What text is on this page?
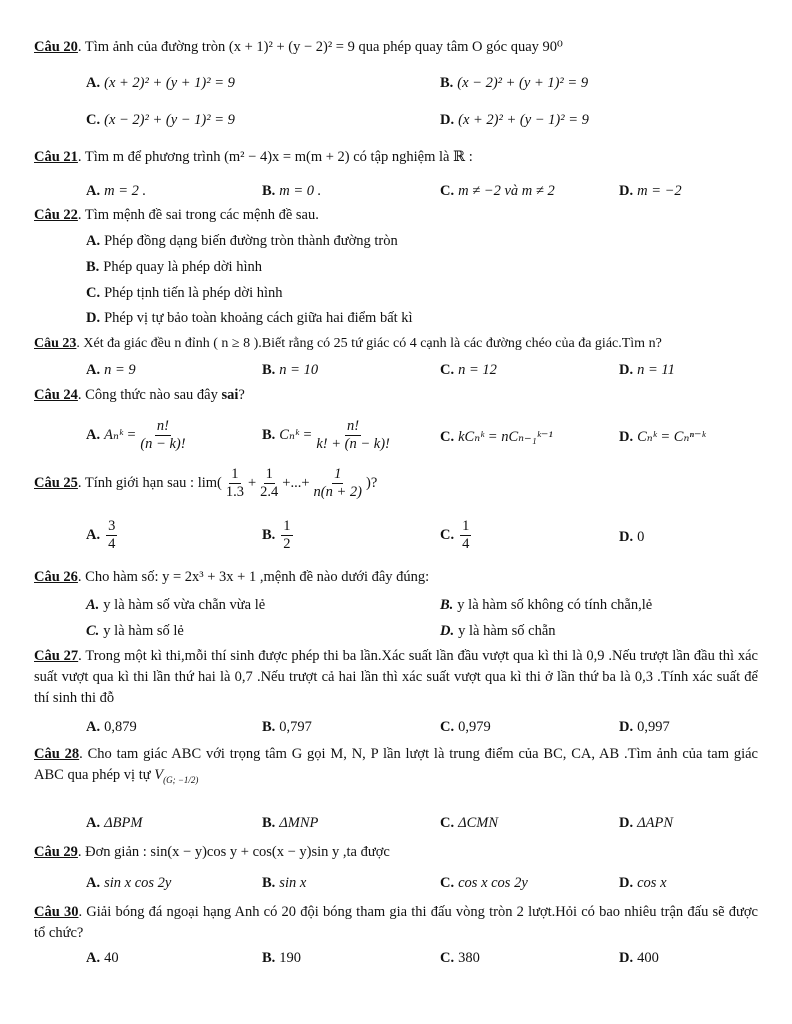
Câu 20. Tìm ảnh của đường tròn (x + 1)² + (y − 2)² = 9 qua phép quay tâm O góc quay 90⁰
A. (x + 2)² + (y + 1)² = 9	B. (x − 2)² + (y + 1)² = 9
C. (x − 2)² + (y − 1)² = 9	D. (x + 2)² + (y − 1)² = 9
Câu 21. Tìm m để phương trình (m² − 4)x = m(m + 2) có tập nghiệm là ℝ :
A. m = 2 .	B. m = 0 .	C. m ≠ −2 và m ≠ 2	D. m = −2
Câu 22. Tìm mệnh đề sai trong các mệnh đề sau.
A. Phép đồng dạng biến đường tròn thành đường tròn
B. Phép quay là phép dời hình
C. Phép tịnh tiến là phép dời hình
D. Phép vị tự bảo toàn khoảng cách giữa hai điểm bất kì
Câu 23. Xét đa giác đều n đỉnh ( n ≥ 8 ).Biết rằng có 25 tứ giác có 4 cạnh là các đường chéo của đa giác.Tìm n?
A. n = 9	B. n = 10	C. n = 12	D. n = 11
Câu 24. Công thức nào sau đây sai?
A. Aₙᵏ = $\frac{n!}{(n - k)!}$	B. Cₙᵏ = $\frac{n!}{k! + (n - k)!}$	C. kCₙᵏ = nCₙ₋₁ᵏ⁻¹	D. Cₙᵏ = Cₙⁿ⁻ᵏ
Câu 25 . Tính giới hạn sau : $\lim( \frac{1}{1.3} + \frac{1}{2.4}$ +...+ $\frac{1}{n(n + 2)}$ )?
A. $\frac{3}{4}$	B. $\frac{1}{2}$	C. $\frac{1}{4}$	D. 0
Câu 26. Cho hàm số: y = 2x³ + 3x + 1 ,mệnh đề nào dưới đây đúng:
A. y là hàm số vừa chẵn vừa lẻ	B. y là hàm số không có tính chẵn,lẻ
C. y là hàm số lẻ	D. y là hàm số chẵn
Câu 27. Trong một kì thi,mỗi thí sinh được phép thi ba lần.Xác suất lần đầu vượt qua kì thi là 0,9 .Nếu trượt lần đầu thì xác suất vượt qua kì thi lần thứ hai là 0,7 .Nếu trượt cả hai lần thì xác suất vượt qua kì thi ở lần thứ ba là 0,3 .Tính xác suất để thí sinh thi đỗ
A. 0,879	B. 0,797	C. 0,979	D. 0,997
Câu 28. Cho tam giác ABC với trọng tâm G gọi M, N, P lần lượt là trung điểm của BC, CA, AB .Tìm ảnh của tam giác ABC qua phép vị tự $V_{(G; -1/2)}$
A. ΔBPM	B. ΔMNP	C. ΔCMN	D. ΔAPN
Câu 29. Đơn giản : sin(x − y)cos y + cos(x − y)sin y ,ta được
A. sin x cos 2y	B. sin x	C. cos x cos 2y	D. cos x
Câu 30. Giải bóng đá ngoại hạng Anh có 20 đội bóng tham gia thi đấu vòng tròn 2 lượt.Hỏi có bao nhiêu trận đấu sẽ được tổ chức?
A. 40	B. 190	C. 380	D. 400
